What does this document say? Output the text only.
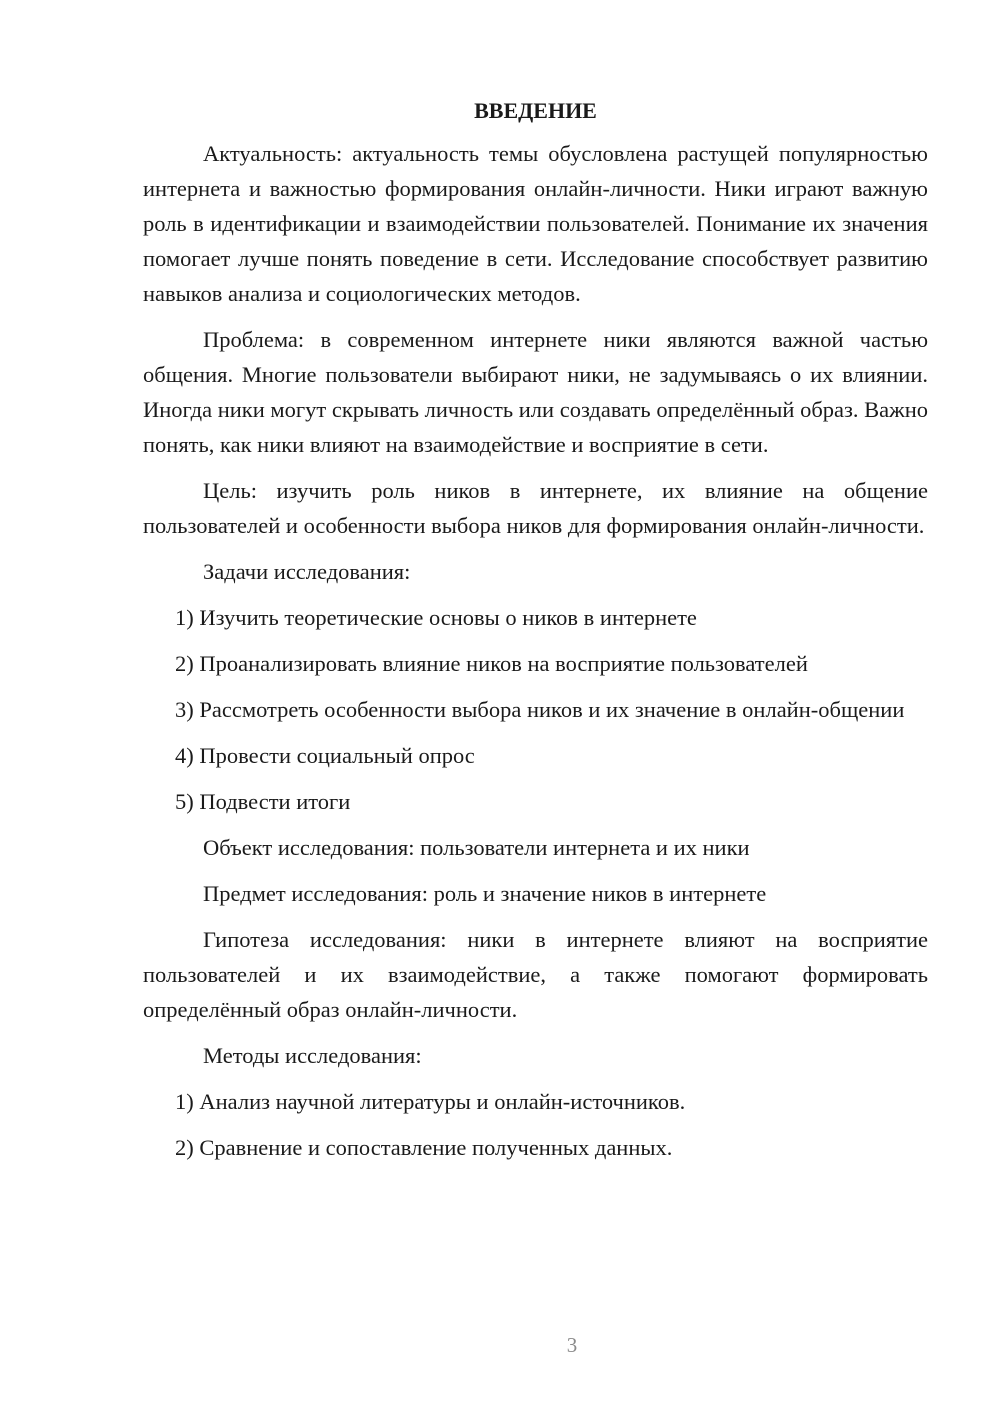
ВВЕДЕНИЕ

Актуальность: актуальность темы обусловлена растущей популярностью интернета и важностью формирования онлайн-личности. Ники играют важную роль в идентификации и взаимодействии пользователей. Понимание их значения помогает лучше понять поведение в сети. Исследование способствует развитию навыков анализа и социологических методов.

Проблема: в современном интернете ники являются важной частью общения. Многие пользователи выбирают ники, не задумываясь о их влиянии. Иногда ники могут скрывать личность или создавать определённый образ. Важно понять, как ники влияют на взаимодействие и восприятие в сети.

Цель: изучить роль ников в интернете, их влияние на общение пользователей и особенности выбора ников для формирования онлайн-личности.

Задачи исследования:

1) Изучить теоретические основы о ников в интернете

2) Проанализировать влияние ников на восприятие пользователей

3) Рассмотреть особенности выбора ников и их значение в онлайн-общении

4) Провести социальный опрос

5) Подвести итоги

Объект исследования: пользователи интернета и их ники

Предмет исследования: роль и значение ников в интернете

Гипотеза исследования: ники в интернете влияют на восприятие пользователей и их взаимодействие, а также помогают формировать определённый образ онлайн-личности.

Методы исследования:

1) Анализ научной литературы и онлайн-источников.

2) Сравнение и сопоставление полученных данных.

3
